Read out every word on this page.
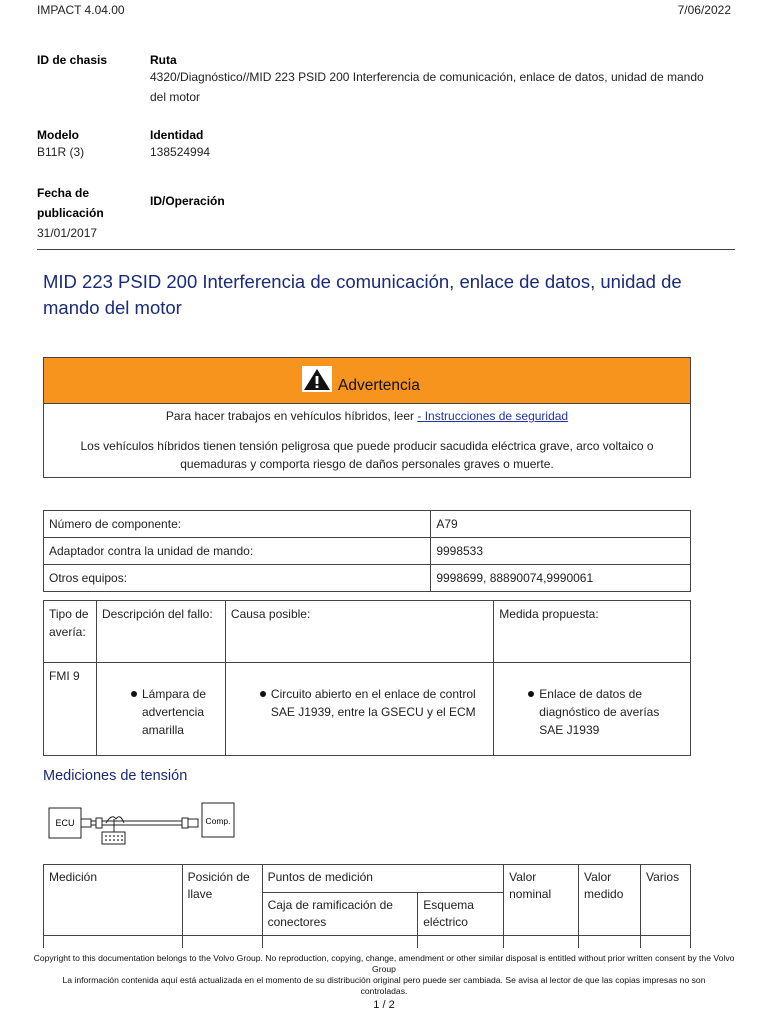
IMPACT 4.04.00	7/06/2022
ID de chasis	Ruta
4320/Diagnóstico//MID 223 PSID 200 Interferencia de comunicación, enlace de datos, unidad de mando del motor
Modelo
B11R (3)
Identidad
138524994
Fecha de publicación
31/01/2017
ID/Operación
MID 223 PSID 200 Interferencia de comunicación, enlace de datos, unidad de mando del motor
Advertencia
Para hacer trabajos en vehículos híbridos, leer - Instrucciones de seguridad
Los vehículos híbridos tienen tensión peligrosa que puede producir sacudida eléctrica grave, arco voltaico o quemaduras y comporta riesgo de daños personales graves o muerte.
Número de componente:	A79
Adaptador contra la unidad de mando:	9998533
Otros equipos:	9998699, 88890074,9990061
Tipo de avería:	Descripción del fallo:	Causa posible:	Medida propuesta:
FMI 9	Lámpara de advertencia amarilla	Circuito abierto en el enlace de control SAE J1939, entre la GSECU y el ECM	Enlace de datos de diagnóstico de averías SAE J1939
Mediciones de tensión
ECU	Comp.
Medición	Posición de llave	Puntos de medición		Valor nominal	Valor medido	Varios
		Caja de ramificación de conectores	Esquema eléctrico			

Copyright to this documentation belongs to the Volvo Group. No reproduction, copying, change, amendment or other similar disposal is entitled without prior written consent by the Volvo Group
La información contenida aquí está actualizada en el momento de su distribución original pero puede ser cambiada. Se avisa al lector de que las copias impresas no son controladas.
1 / 2
